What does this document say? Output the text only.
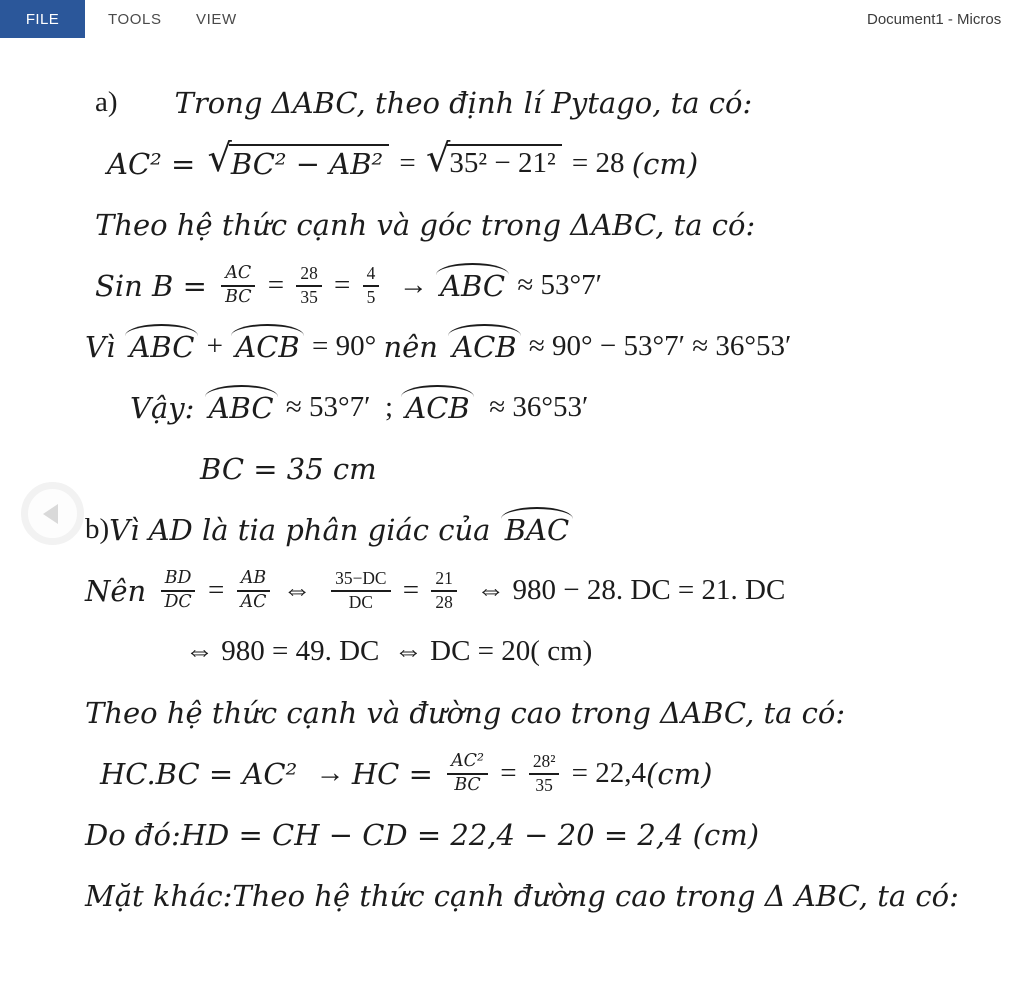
FILE	TOOLS VIEW	Document1 - Micros
a) Trong ΔABC, theo định lí Pytago, ta có:
AC² = √ BC² − AB² = √ 35² − 21² = 28 (cm)
Theo hệ thức cạnh và góc trong ΔABC, ta có:
Sin $B = \frac{AC}{BC} = \frac{28}{35} = \frac{4}{5}$ → ABC ≈ 53°7′
Vì ABC + ACB = 90° nên ACB ≈ 90° − 53°7′ ≈ 36°53′
Vậy: ABC ≈ 53°7′  ; ACB ≈ 36°53′
BC = 35 cm
b) Vì AD là tia phân giác của BAC
Nên $\frac{BD}{DC} = \frac{AB}{AC}$ ⇔ $\frac{35-DC}{DC} = \frac{21}{28}$ ⇔ 980 − 28. DC = 21. DC
⇔ 980 = 49. DC  ⇔ DC = 20( cm)
Theo hệ thức cạnh và đường cao trong ΔABC, ta có:
HC.BC = AC² → HC = $\frac{\text{AC²}}{BC} = \frac{\text{28²}}{35} = 22,4$ (cm)
Do đó:HD = CH − CD = 22,4 − 20 = 2,4 (cm)
Mặt khác:Theo hệ thức cạnh đường cao trong Δ ABC, ta có:
